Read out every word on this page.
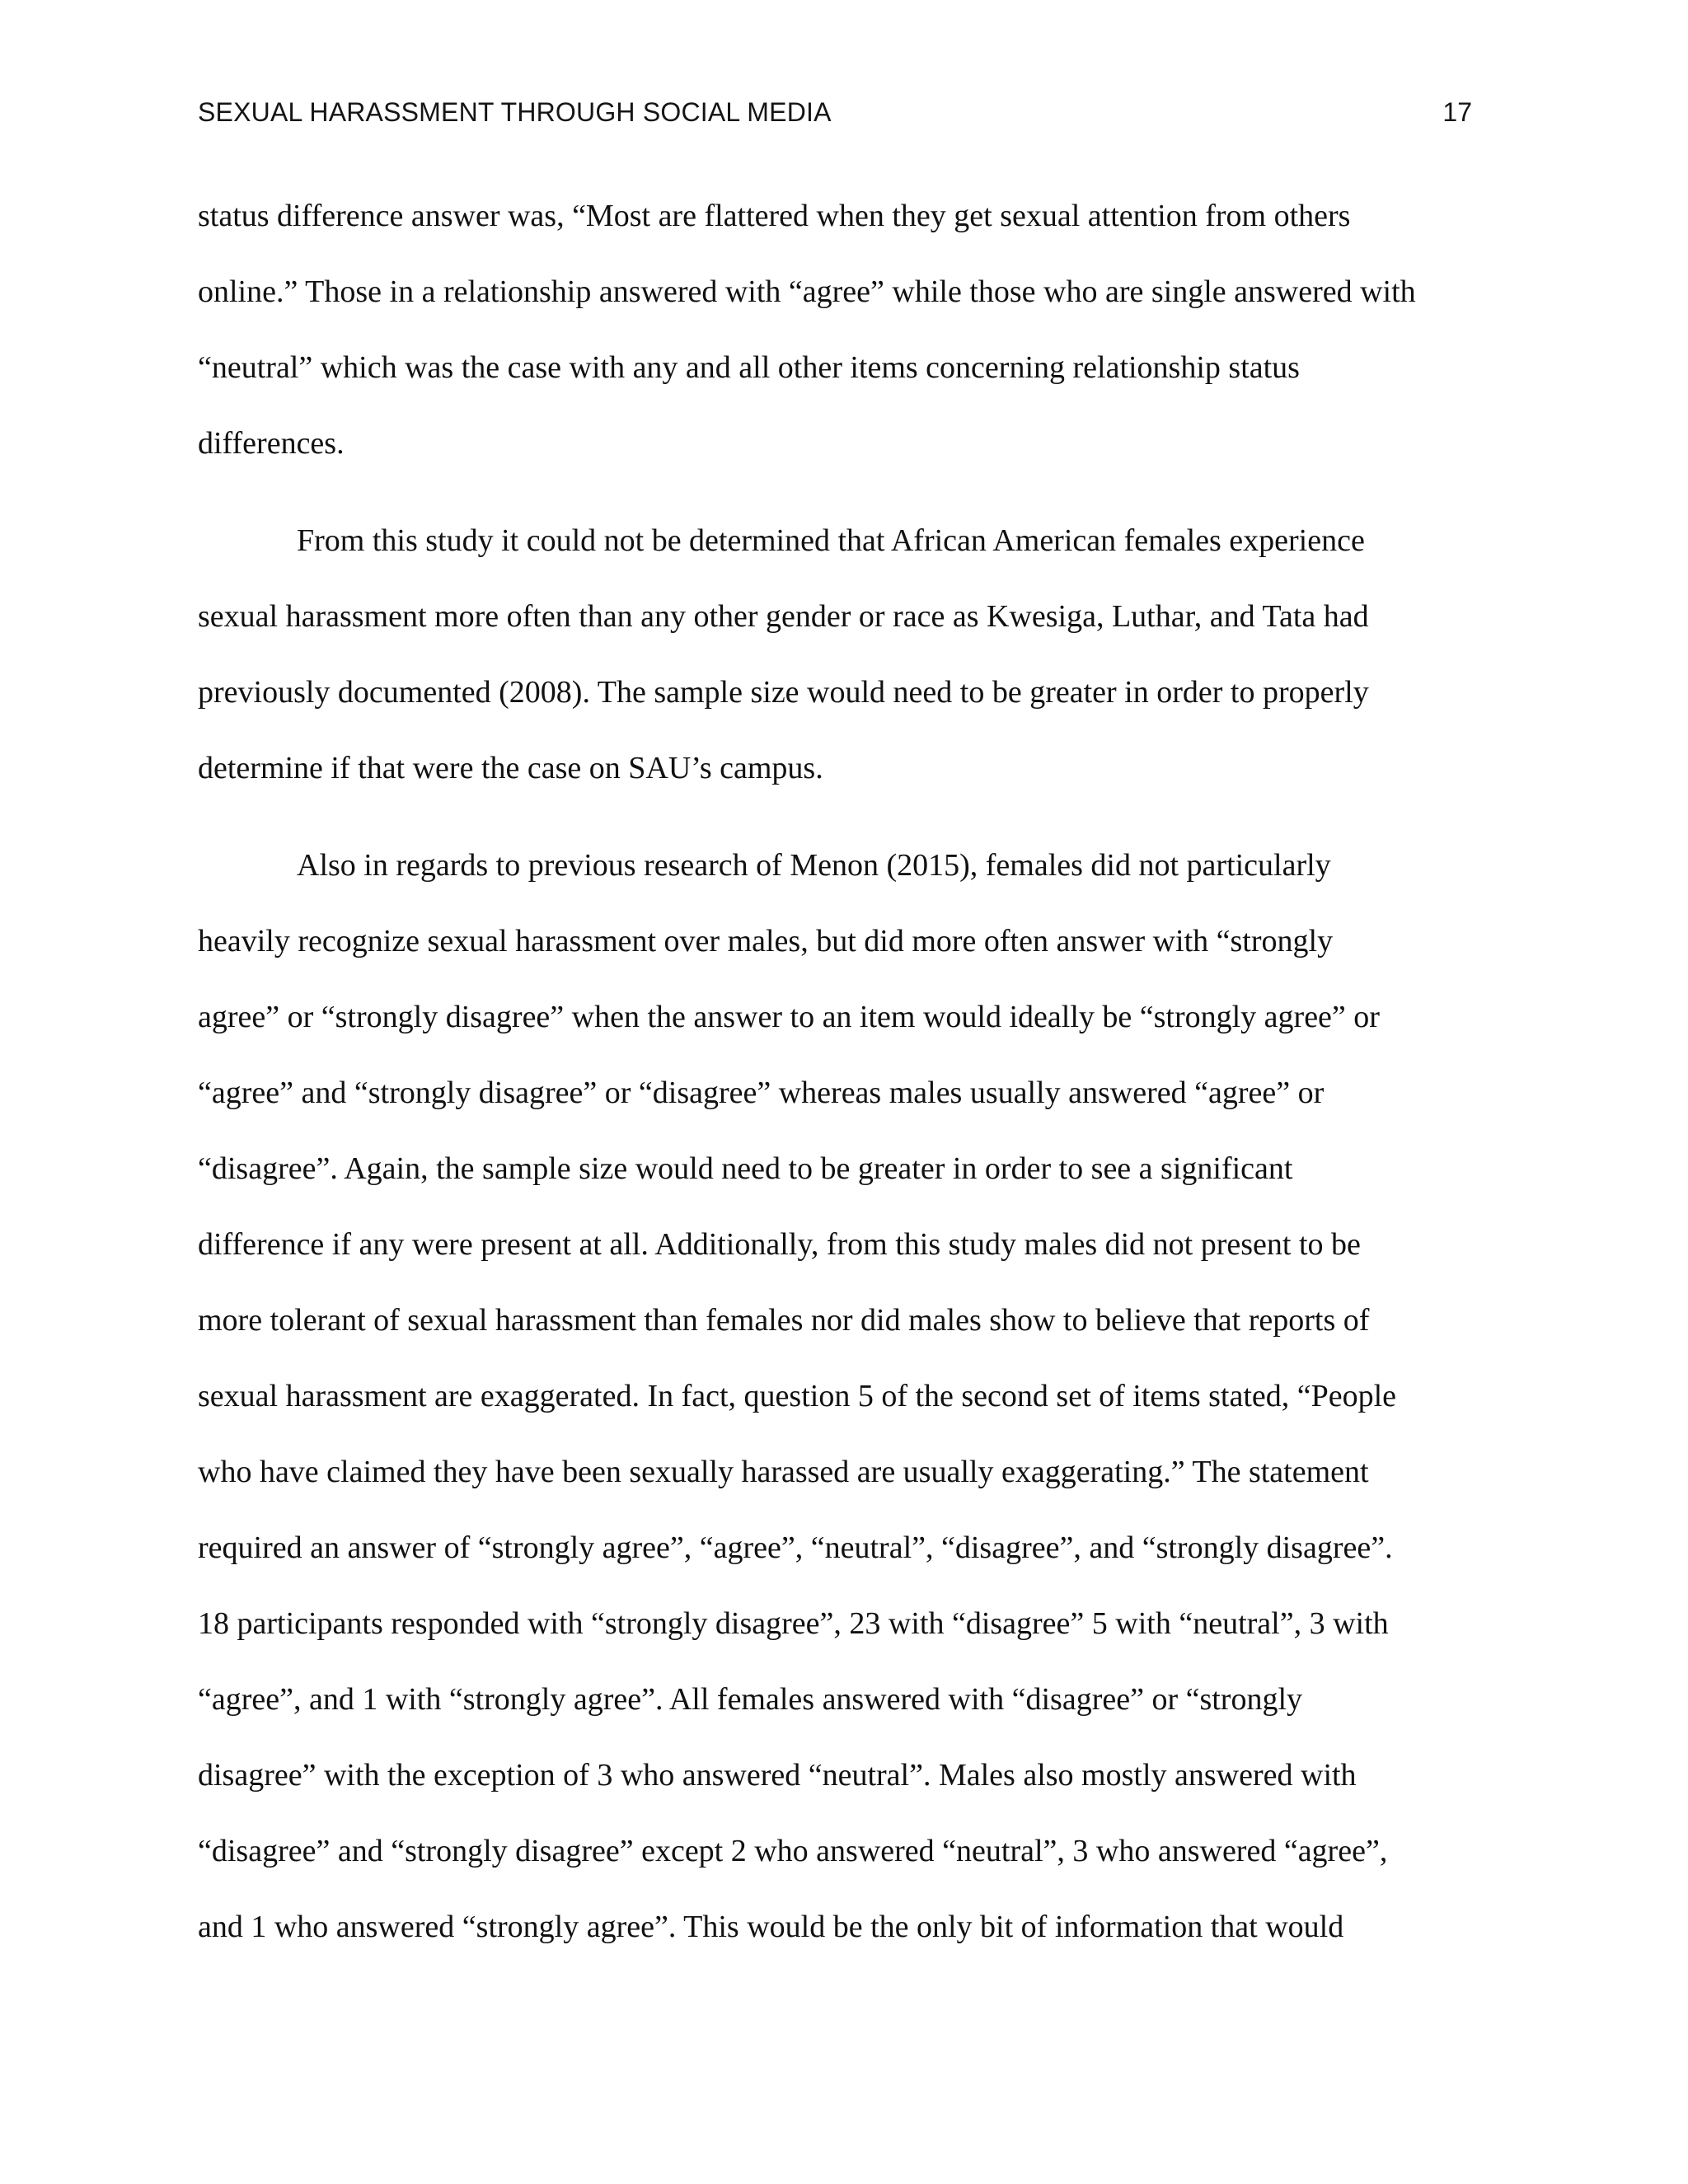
SEXUAL HARASSMENT THROUGH SOCIAL MEDIA	17
status difference answer was, “Most are flattered when they get sexual attention from others
online.” Those in a relationship answered with “agree” while those who are single answered with
“neutral” which was the case with any and all other items concerning relationship status
differences.
From this study it could not be determined that African American females experience
sexual harassment more often than any other gender or race as Kwesiga, Luthar, and Tata had
previously documented (2008). The sample size would need to be greater in order to properly
determine if that were the case on SAU’s campus.
Also in regards to previous research of Menon (2015), females did not particularly
heavily recognize sexual harassment over males, but did more often answer with “strongly
agree” or “strongly disagree” when the answer to an item would ideally be “strongly agree” or
“agree” and “strongly disagree” or “disagree” whereas males usually answered “agree” or
“disagree”. Again, the sample size would need to be greater in order to see a significant
difference if any were present at all. Additionally, from this study males did not present to be
more tolerant of sexual harassment than females nor did males show to believe that reports of
sexual harassment are exaggerated. In fact, question 5 of the second set of items stated, “People
who have claimed they have been sexually harassed are usually exaggerating.” The statement
required an answer of “strongly agree”, “agree”, “neutral”, “disagree”, and “strongly disagree”.
18 participants responded with “strongly disagree”, 23 with “disagree” 5 with “neutral”, 3 with
“agree”, and 1 with “strongly agree”. All females answered with “disagree” or “strongly
disagree” with the exception of 3 who answered “neutral”. Males also mostly answered with
“disagree” and “strongly disagree” except 2 who answered “neutral”, 3 who answered “agree”,
and 1 who answered “strongly agree”. This would be the only bit of information that would
